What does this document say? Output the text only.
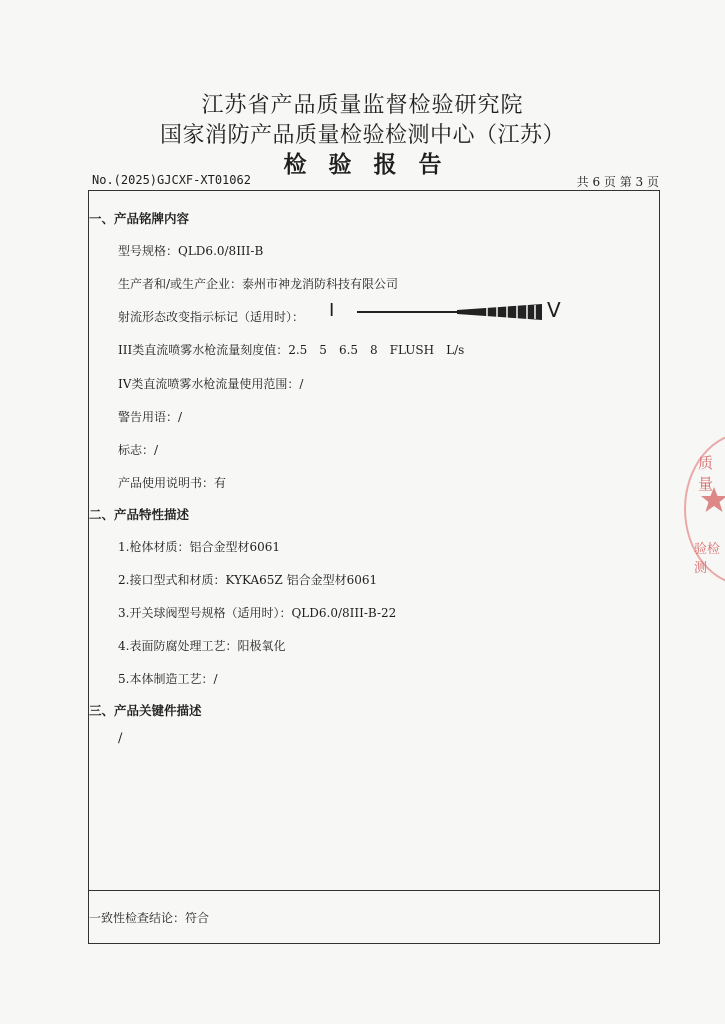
江苏省产品质量监督检验研究院
国家消防产品质量检验检测中心（江苏）
检验报告
No.(2025)GJCXF-XT01062	共 6 页 第 3 页
一、产品铭牌内容
型号规格：QLD6.0/8III-B
生产者和/或生产企业：泰州市神龙消防科技有限公司
射流形态改变指示标记（适用时）： I	V
III类直流喷雾水枪流量刻度值：2.5　5　6.5　8　FLUSH　L/s
IV类直流喷雾水枪流量使用范围：/
警告用语：/
标志：/
产品使用说明书：有
二、产品特性描述
1.枪体材质：铝合金型材6061
2.接口型式和材质：KYKA65Z 铝合金型材6061
3.开关球阀型号规格（适用时）：QLD6.0/8III-B-22
4.表面防腐处理工艺：阳极氧化
5.本体制造工艺：/
三、产品关键件描述
/
一致性检查结论：符合
质量
验检测
